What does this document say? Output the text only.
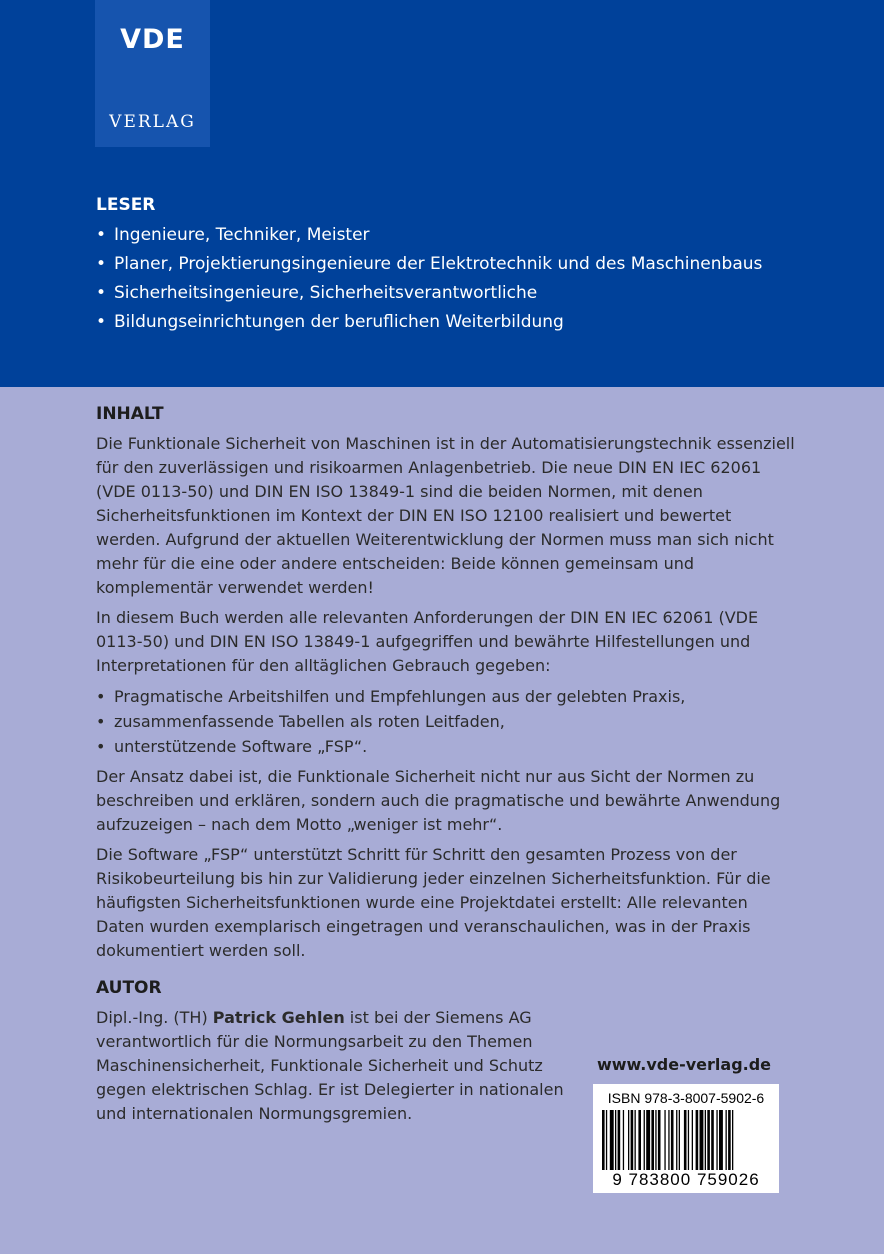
VDE
VERLAG
LESER
• Ingenieure, Techniker, Meister
• Planer, Projektierungsingenieure der Elektrotechnik und des Maschinenbaus
• Sicherheitsingenieure, Sicherheitsverantwortliche
• Bildungseinrichtungen der beruflichen Weiterbildung
INHALT

Die Funktionale Sicherheit von Maschinen ist in der Automatisierungstechnik essenziell für den zuverlässigen und risikoarmen Anlagenbetrieb. Die neue DIN EN IEC 62061 (VDE 0113-50) und DIN EN ISO 13849-1 sind die beiden Normen, mit denen Sicherheitsfunktionen im Kontext der DIN EN ISO 12100 realisiert und bewertet werden. Aufgrund der aktuellen Weiterentwicklung der Normen muss man sich nicht mehr für die eine oder andere entscheiden: Beide können gemeinsam und komplementär verwendet werden!

In diesem Buch werden alle relevanten Anforderungen der DIN EN IEC 62061 (VDE 0113-50) und DIN EN ISO 13849-1 aufgegriffen und bewährte Hilfestellungen und Interpretationen für den alltäglichen Gebrauch gegeben:

• Pragmatische Arbeitshilfen und Empfehlungen aus der gelebten Praxis,
• zusammenfassende Tabellen als roten Leitfaden,
• unterstützende Software „FSP“.

Der Ansatz dabei ist, die Funktionale Sicherheit nicht nur aus Sicht der Normen zu beschreiben und erklären, sondern auch die pragmatische und bewährte Anwendung aufzuzeigen – nach dem Motto „weniger ist mehr“.

Die Software „FSP“ unterstützt Schritt für Schritt den gesamten Prozess von der Risikobeurteilung bis hin zur Validierung jeder einzelnen Sicherheitsfunktion. Für die häufigsten Sicherheitsfunktionen wurde eine Projektdatei erstellt: Alle relevanten Daten wurden exemplarisch eingetragen und veranschaulichen, was in der Praxis dokumentiert werden soll.

AUTOR

Dipl.-Ing. (TH) Patrick Gehlen ist bei der Siemens AG verantwortlich für die Normungsarbeit zu den Themen Maschinensicherheit, Funktionale Sicherheit und Schutz gegen elektrischen Schlag. Er ist Delegierter in nationalen und internationalen Normungsgremien.

www.vde-verlag.de
ISBN 978-3-8007-5902-6
9 783800 759026
